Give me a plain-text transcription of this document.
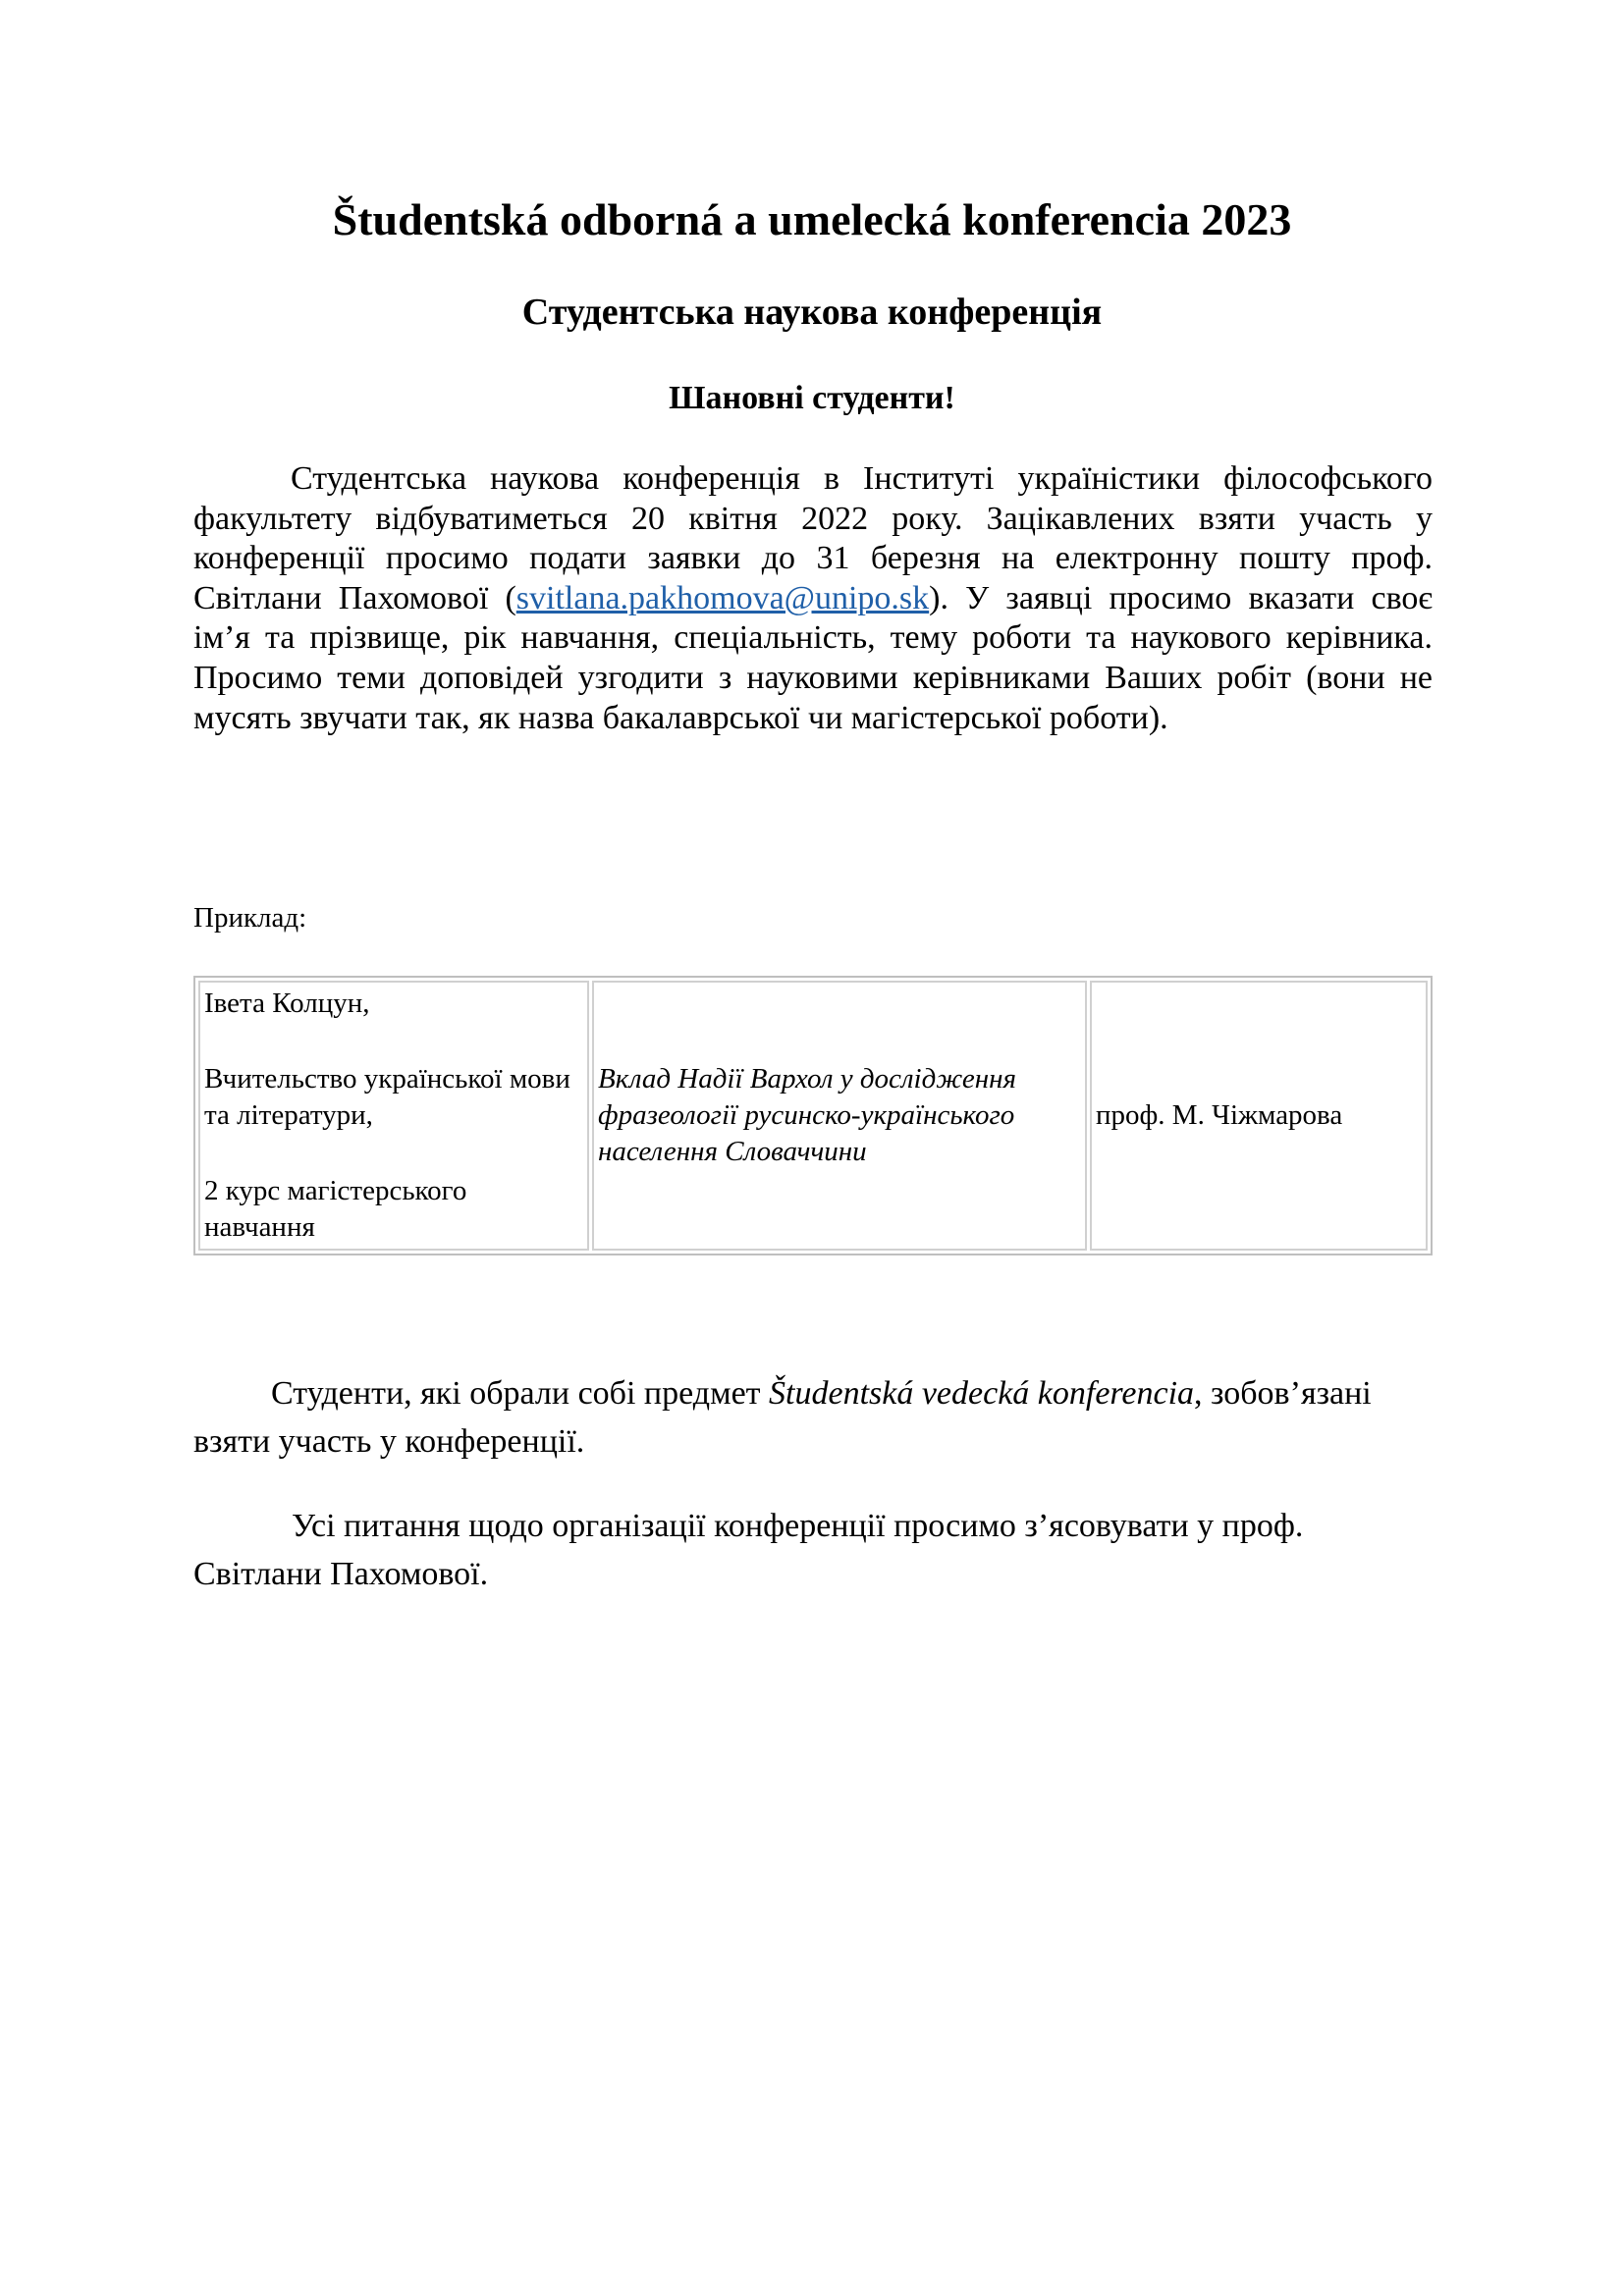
Študentská odborná a umelecká konferencia 2023
Студентська наукова конференція
Шановні студенти!

Студентська наукова конференція в Інституті україністики філософського факультету відбуватиметься 20 квітня 2022 року. Зацікавлених взяти участь у конференції просимо подати заявки до 31 березня на електронну пошту проф. Світлани Пахомової (svitlana.pakhomova@unipo.sk). У заявці просимо вказати своє ім’я та прізвище, рік навчання, спеціальність, тему роботи та наукового керівника. Просимо теми доповідей узгодити з науковими керівниками Ваших робіт (вони не мусять звучати так, як назва бакалаврської чи магістерської роботи).

Приклад:
Івета Колцун,
Вчительство української мови та літератури,
2 курс магістерського навчання
Вклад Надії Вархол у дослідження фразеології русинско-українського населення Словаччини
проф. М. Чіжмарова

Студенти, які обрали собі предмет Študentská vedecká konferencia, зобов’язані взяти участь у конференції.

Усі питання щодо організації конференції просимо з’ясовувати у проф. Світлани Пахомової.
